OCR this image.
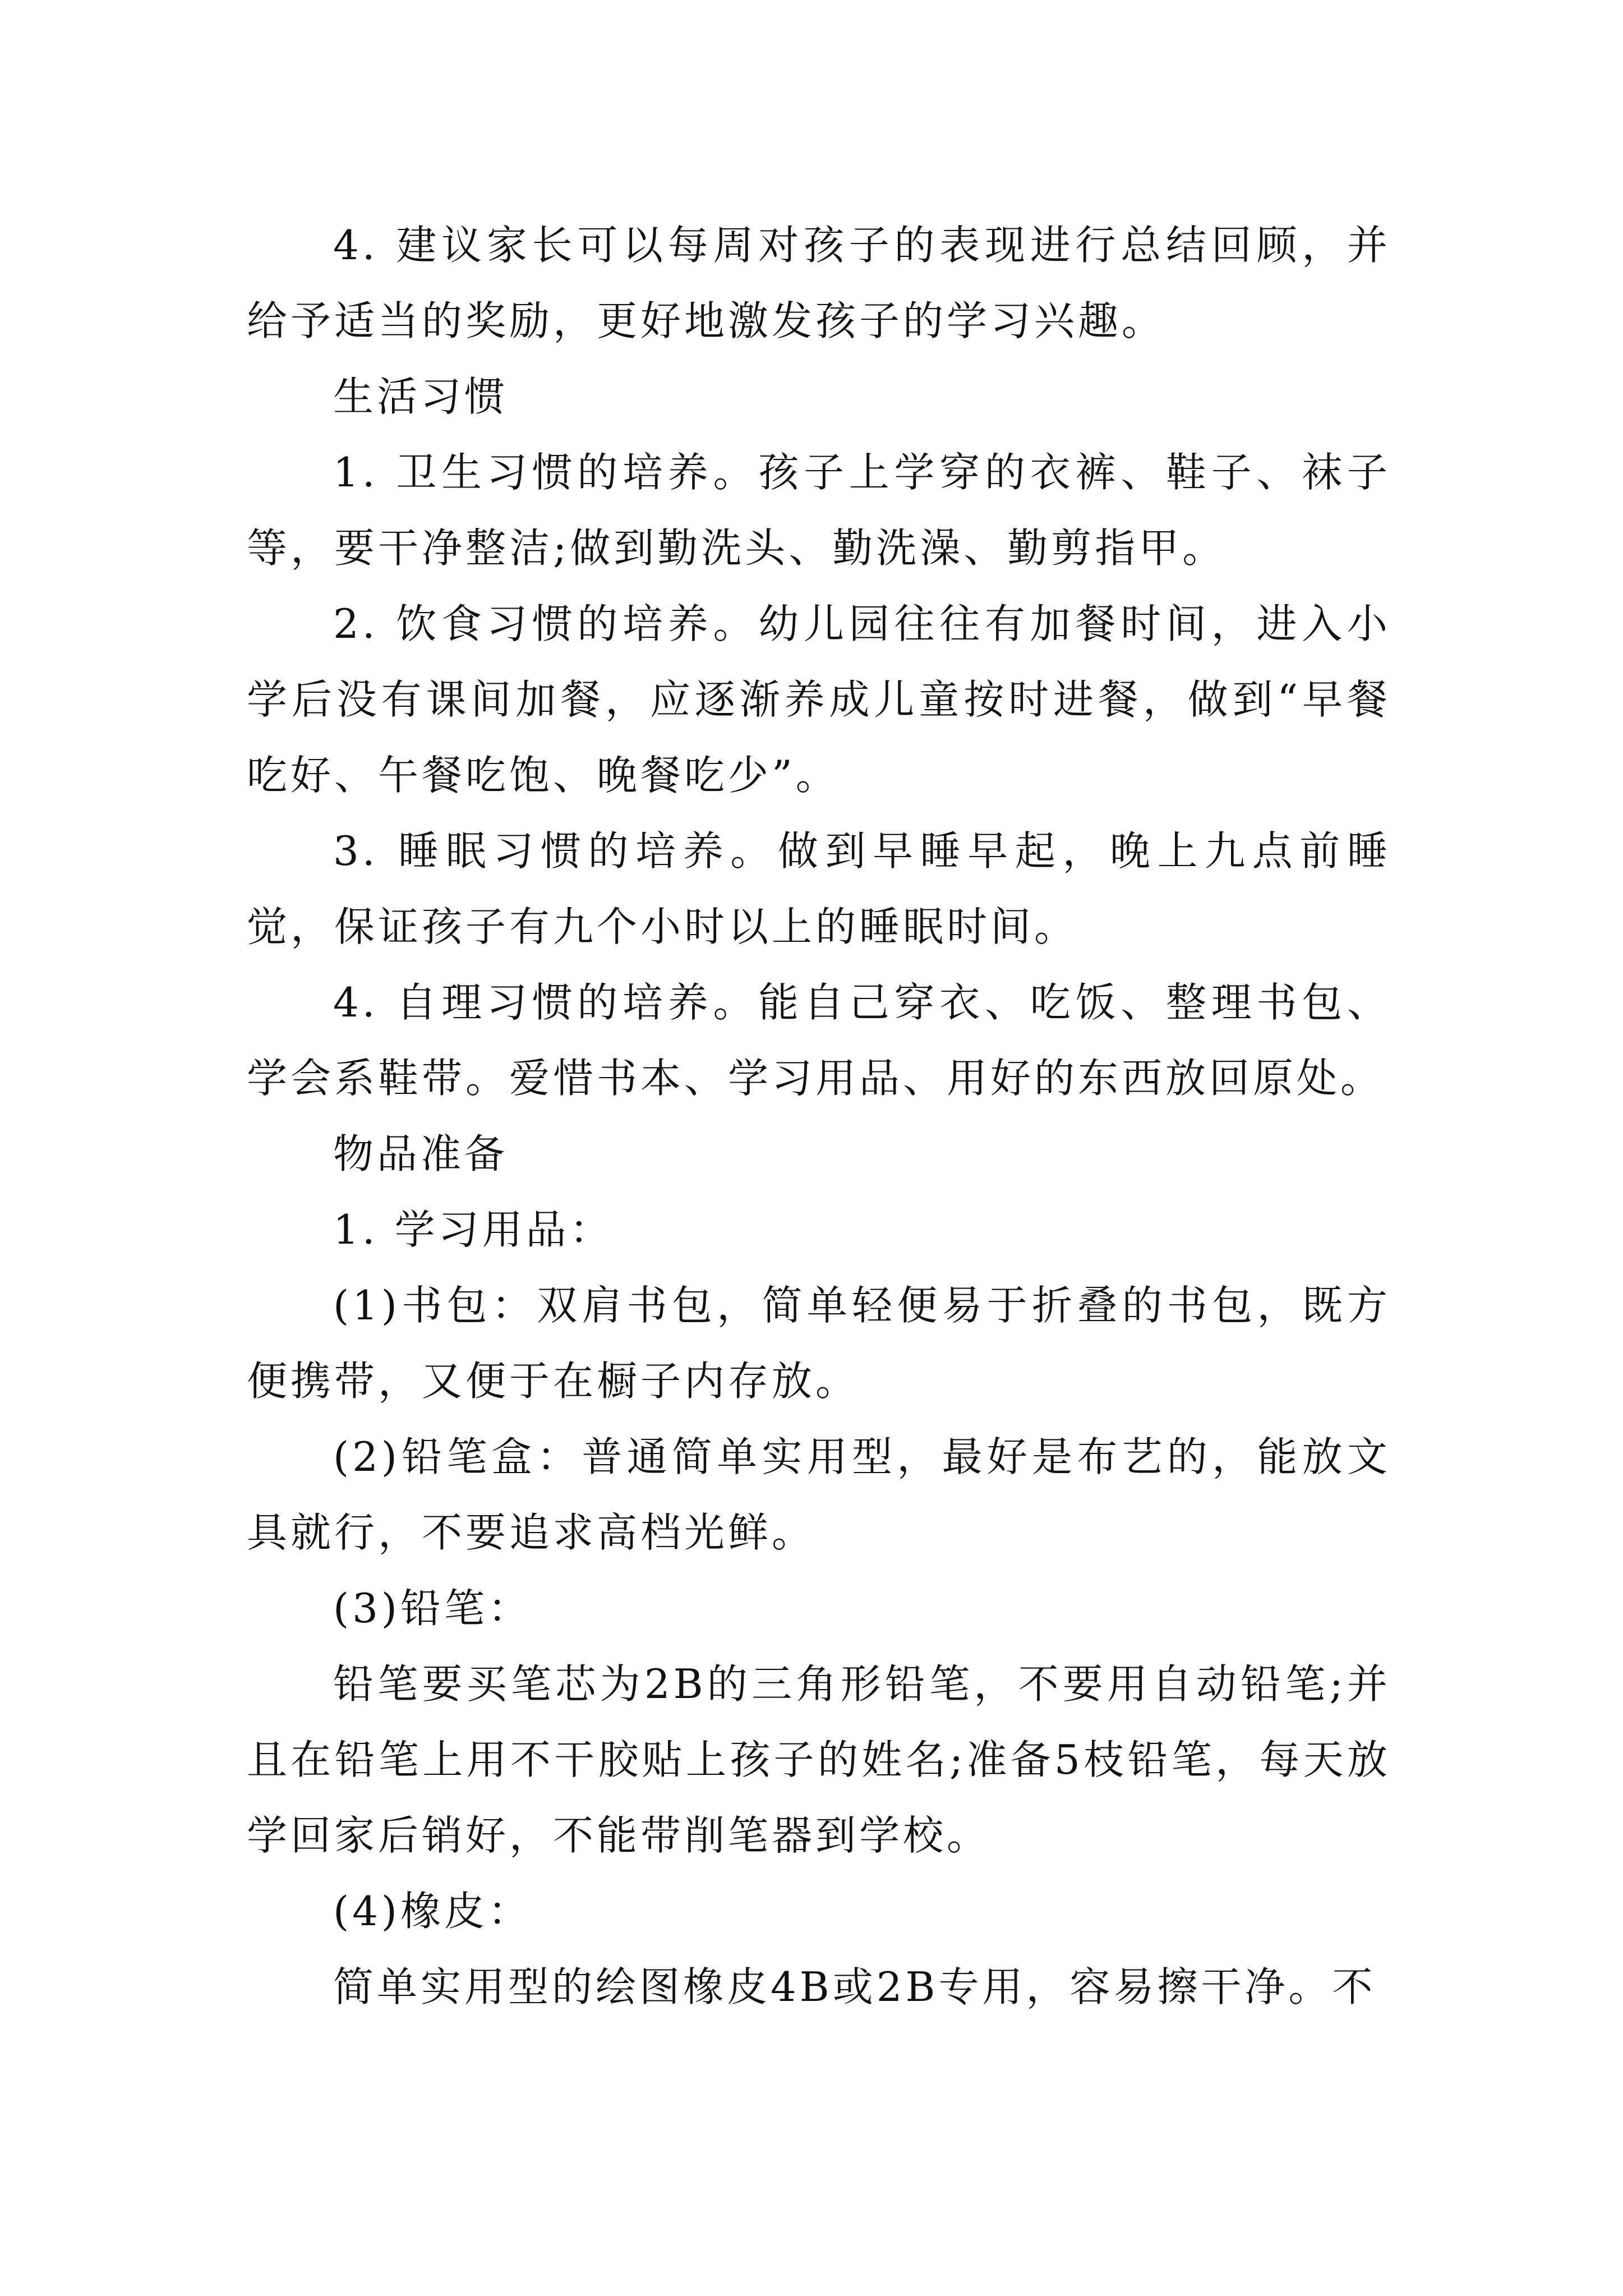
4. 建议家长可以每周对孩子的表现进行总结回顾，并给予适当的奖励，更好地激发孩子的学习兴趣。

生活习惯

1. 卫生习惯的培养。孩子上学穿的衣裤、鞋子、袜子等，要干净整洁;做到勤洗头、勤洗澡、勤剪指甲。

2. 饮食习惯的培养。幼儿园往往有加餐时间，进入小学后没有课间加餐，应逐渐养成儿童按时进餐，做到“早餐吃好、午餐吃饱、晚餐吃少”。

3. 睡眠习惯的培养。做到早睡早起，晚上九点前睡觉，保证孩子有九个小时以上的睡眠时间。

4. 自理习惯的培养。能自己穿衣、吃饭、整理书包、学会系鞋带。爱惜书本、学习用品、用好的东西放回原处。

物品准备

1. 学习用品：

(1)书包：双肩书包，简单轻便易于折叠的书包，既方便携带，又便于在橱子内存放。

(2)铅笔盒：普通简单实用型，最好是布艺的，能放文具就行，不要追求高档光鲜。

(3)铅笔：

铅笔要买笔芯为2B的三角形铅笔，不要用自动铅笔;并且在铅笔上用不干胶贴上孩子的姓名;准备5枝铅笔，每天放学回家后销好，不能带削笔器到学校。

(4)橡皮：

简单实用型的绘图橡皮4B或2B专用，容易擦干净。不
